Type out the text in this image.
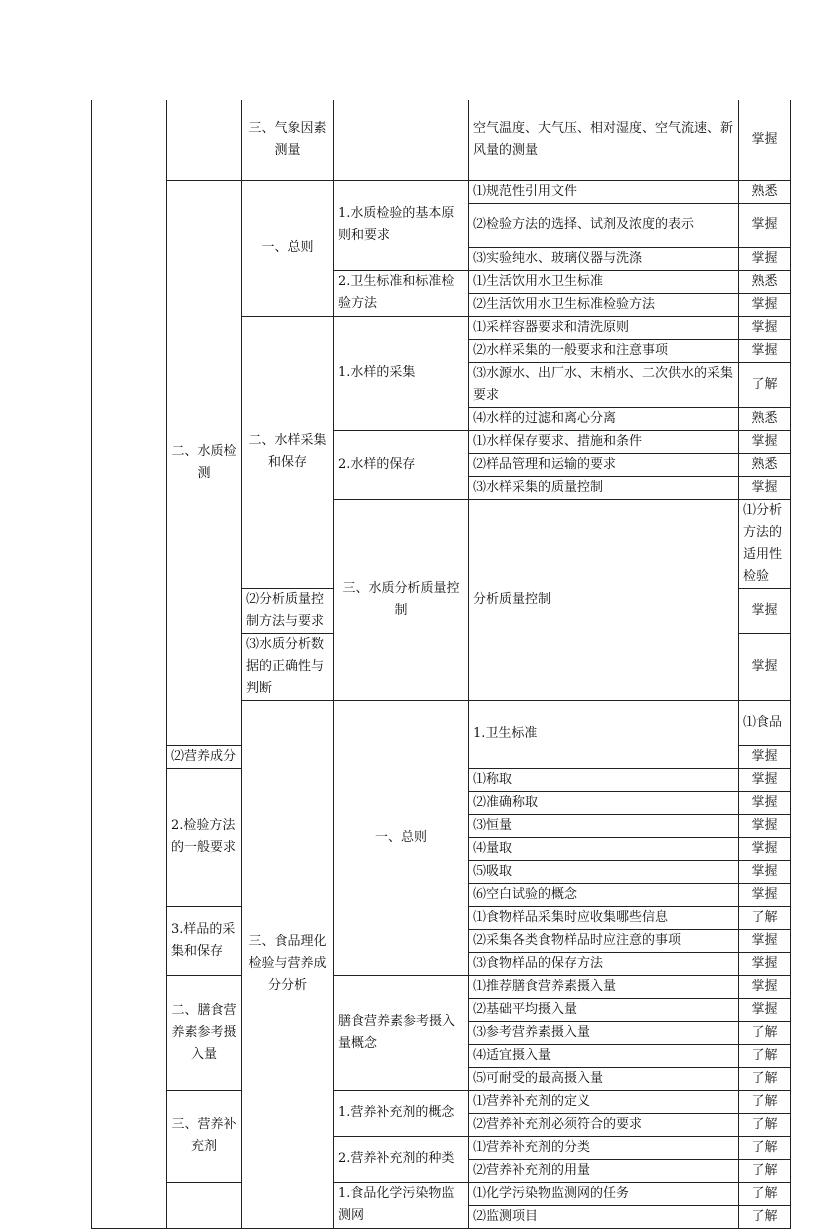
		三、气象因素测量		空气温度、大气压、相对湿度、空气流速、新风量的测量	掌握	
	二、水质检测	一、总则	1.水质检验的基本原则和要求	⑴规范性引用文件	熟悉	
				⑵检验方法的选择、试剂及浓度的表示	掌握	
				⑶实验纯水、玻璃仪器与洗涤	掌握	
			2.卫生标准和标准检验方法	⑴生活饮用水卫生标准	熟悉	
				⑵生活饮用水卫生标准检验方法	掌握	
		二、水样采集和保存	1.水样的采集	⑴采样容器要求和清洗原则	掌握	
				⑵水样采集的一般要求和注意事项	掌握	
				⑶水源水、出厂水、末梢水、二次供水的采集要求	了解	
				⑷水样的过滤和离心分离	熟悉	
			2.水样的保存	⑴水样保存要求、措施和条件	掌握	
				⑵样品管理和运输的要求	熟悉	
				⑶水样采集的质量控制	掌握	
			三、水质分析质量控制	分析质量控制	⑴分析方法的适用性检验	
		⑵分析质量控制方法与要求			掌握	
		⑶水质分析数据的正确性与判断			掌握	
		三、食品理化检验与营养成分分析	一、总则	1.卫生标准	⑴食品	
	⑵营养成分				掌握	
	2.检验方法的一般要求			⑴称取	掌握	
				⑵准确称取	掌握	
				⑶恒量	掌握	
				⑷量取	掌握	
				⑸吸取	掌握	
				⑹空白试验的概念	掌握	
	3.样品的采集和保存			⑴食物样品采集时应收集哪些信息	了解	
				⑵采集各类食物样品时应注意的事项	掌握	
				⑶食物样品的保存方法	掌握	
	二、膳食营养素参考摄入量		膳食营养素参考摄入量概念	⑴推荐膳食营养素摄入量	掌握	
				⑵基础平均摄入量	掌握	
				⑶参考营养素摄入量	了解	
				⑷适宜摄入量	了解	
				⑸可耐受的最高摄入量	了解	
	三、营养补充剂		1.营养补充剂的概念	⑴营养补充剂的定义	了解	
				⑵营养补充剂必须符合的要求	了解	
			2.营养补充剂的种类	⑴营养补充剂的分类	了解	
				⑵营养补充剂的用量	了解	
			1.食品化学污染物监测网	⑴化学污染物监测网的任务	了解	
				⑵监测项目	了解	
